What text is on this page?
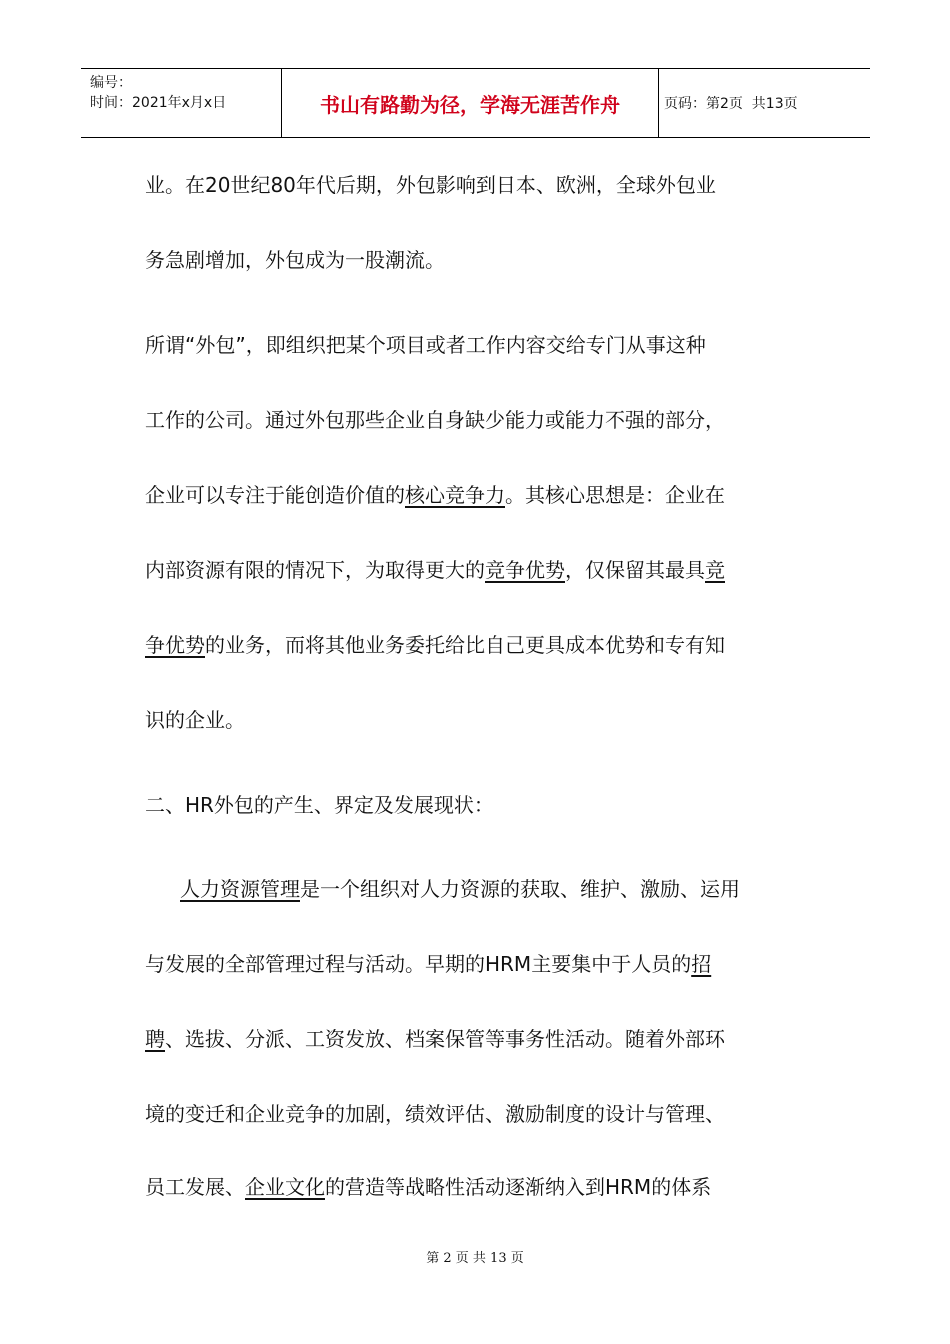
编号：
时间：2021年x月x日	书山有路勤为径，学海无涯苦作舟	页码：第2页  共13页
业。在20世纪80年代后期，外包影响到日本、欧洲，全球外包业
务急剧增加，外包成为一股潮流。
所谓“外包”，即组织把某个项目或者工作内容交给专门从事这种
工作的公司。通过外包那些企业自身缺少能力或能力不强的部分，
企业可以专注于能创造价值的核心竞争力。其核心思想是：企业在
内部资源有限的情况下，为取得更大的竞争优势，仅保留其最具竞
争优势的业务，而将其他业务委托给比自己更具成本优势和专有知
识的企业。
二、HR外包的产生、界定及发展现状：
人力资源管理是一个组织对人力资源的获取、维护、激励、运用
与发展的全部管理过程与活动。早期的HRM主要集中于人员的招
聘、选拔、分派、工资发放、档案保管等事务性活动。随着外部环
境的变迁和企业竞争的加剧，绩效评估、激励制度的设计与管理、
员工发展、企业文化的营造等战略性活动逐渐纳入到HRM的体系
第 2 页 共 13 页
